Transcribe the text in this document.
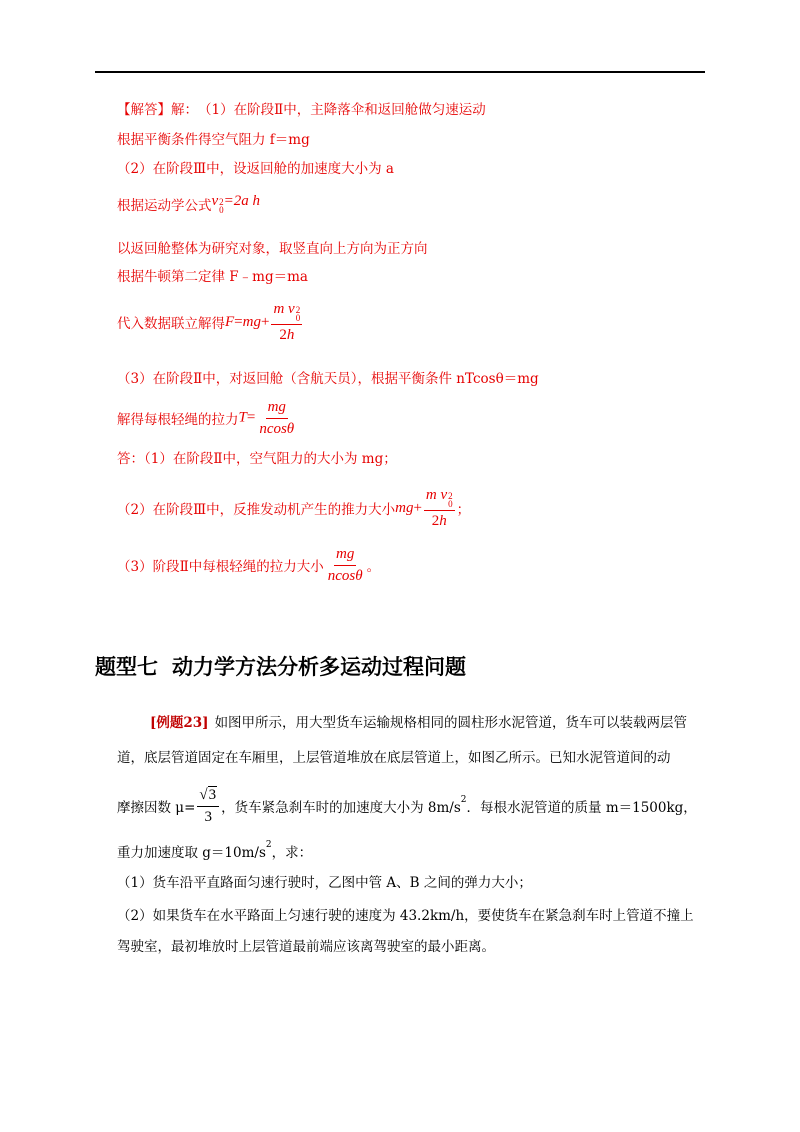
【解答】 解： （1）在阶段Ⅱ中，主降落伞和返回舱做匀速运动
根据平衡条件得空气阻力 f＝mg
（2）在阶段Ⅲ中，设返回舱的加速度大小为 a
根据运动学公式 v 2
0
=2a h
以返回舱整体为研究对象，取竖直向上方向为正方向
根据牛顿第二定律 F﹣mg＝ma
代入数据联立解得 F=mg+ m v 2
0
2h
（3）在阶段Ⅱ中，对返回舱（含航天员），根据平衡条件 nTcosθ＝mg
解得每根轻绳的拉力 $T= \frac{mg}{ncos\theta}$
答：（1）在阶段Ⅱ中，空气阻力的大小为 mg；
（2）在阶段Ⅲ中，反推发动机产生的推力大小 mg+ m v 2
0
2h ；
（3）阶段Ⅱ中每根轻绳的拉力大小 $\frac{mg}{ncos\theta}$ 。
题型七 动力学方法分析多运动过程问题
[例题23] 如图甲所示，用大型货车运输规格相同的圆柱形水泥管道，货车可以装载两层管
道，底层管道固定在车厢里，上层管道堆放在底层管道上，如图乙所示。已知水泥管道间的动
摩擦因数 $\mu= \frac{√ 3}{3}$ ，货车紧急刹车时的加速度大小为 8m/s 2 ．每根水泥管道的质量 m＝1500kg，
重力加速度取 g＝10m/s 2 ，求：
（1）货车沿平直路面匀速行驶时，乙图中管 A、B 之间的弹力大小；
（2）如果货车在水平路面上匀速行驶的速度为 43.2km/h，要使货车在紧急刹车时上管道不撞上
驾驶室，最初堆放时上层管道最前端应该离驾驶室的最小距离。
